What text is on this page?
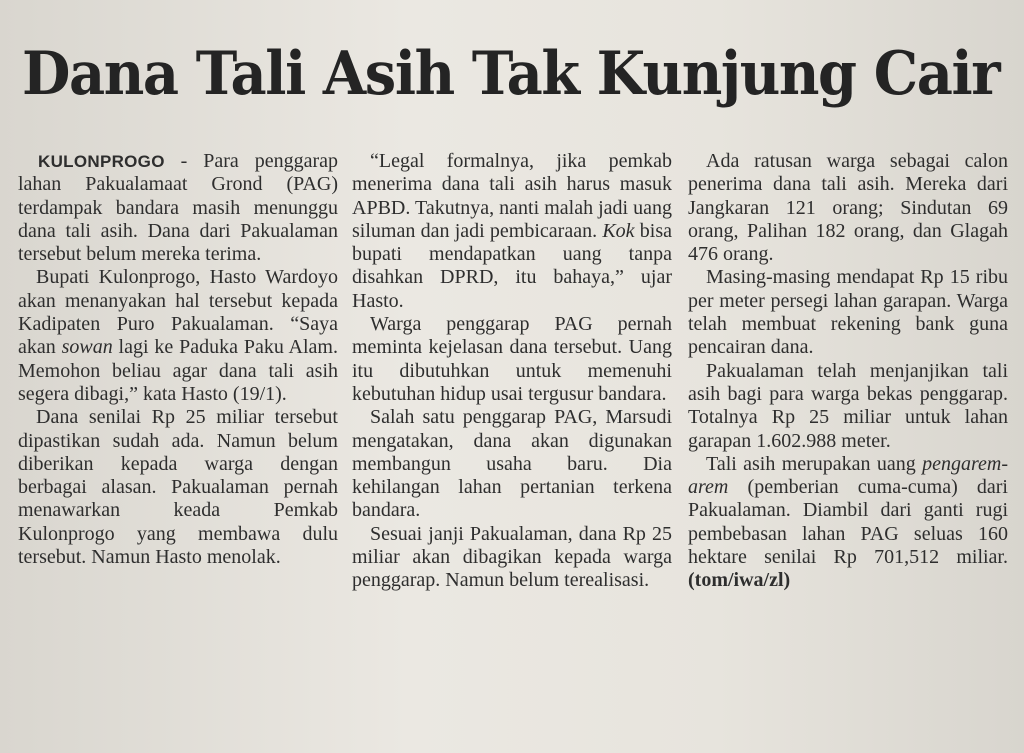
Dana Tali Asih Tak Kunjung Cair

KULONPROGO - Para penggarap lahan Pakualamaat Grond (PAG) terdampak bandara masih menunggu dana tali asih. Dana dari Pakualaman tersebut belum mereka terima.

Bupati Kulonprogo, Hasto Wardoyo akan menanyakan hal tersebut kepada Kadipaten Puro Pakualaman. “Saya akan sowan lagi ke Paduka Paku Alam. Memohon beliau agar dana tali asih segera dibagi,” kata Hasto (19/1).

Dana senilai Rp 25 miliar tersebut dipastikan sudah ada. Namun belum diberikan kepada warga dengan berbagai alasan. Pakualaman pernah menawarkan keada Pemkab Kulonprogo yang membawa dulu tersebut. Namun Hasto menolak.

“Legal formalnya, jika pemkab menerima dana tali asih harus masuk APBD. Takutnya, nanti malah jadi uang siluman dan jadi pembicaraan. Kok bisa bupati mendapatkan uang tanpa disahkan DPRD, itu bahaya,” ujar Hasto.

Warga penggarap PAG pernah meminta kejelasan dana tersebut. Uang itu dibutuhkan untuk memenuhi kebutuhan hidup usai tergusur bandara.

Salah satu penggarap PAG, Marsudi mengatakan, dana akan digunakan membangun usaha baru. Dia kehilangan lahan pertanian terkena bandara.

Sesuai janji Pakualaman, dana Rp 25 miliar akan dibagikan kepada warga penggarap. Namun belum terealisasi.

Ada ratusan warga sebagai calon penerima dana tali asih. Mereka dari Jangkaran 121 orang; Sindutan 69 orang, Palihan 182 orang, dan Glagah 476 orang.

Masing-masing mendapat Rp 15 ribu per meter persegi lahan garapan. Warga telah membuat rekening bank guna pencairan dana.

Pakualaman telah menjanjikan tali asih bagi para warga bekas penggarap. Totalnya Rp 25 miliar untuk lahan garapan 1.602.988 meter.

Tali asih merupakan uang pengarem-arem (pemberian cuma-cuma) dari Pakualaman. Diambil dari ganti rugi pembebasan lahan PAG seluas 160 hektare senilai Rp 701,512 miliar. (tom/iwa/zl)
